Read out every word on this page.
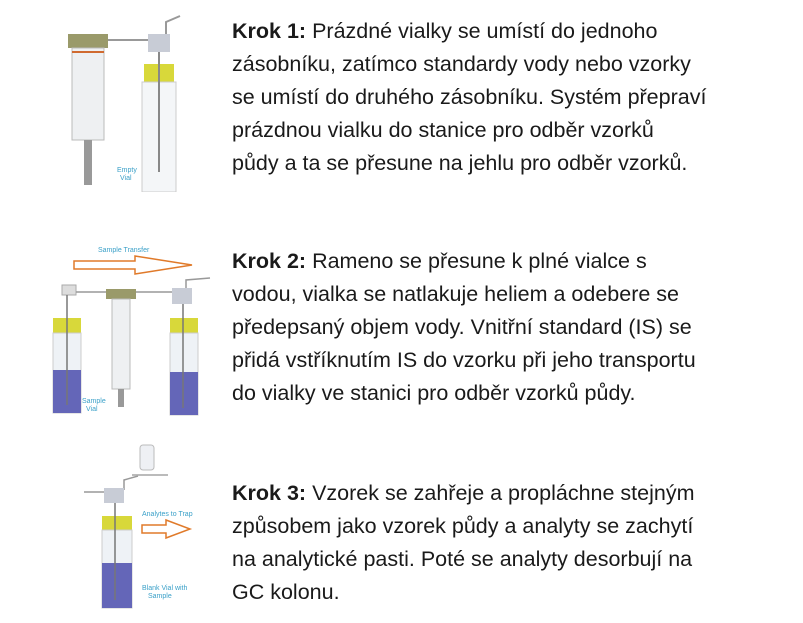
Empty
Vial
Sample Transfer
Sample
Vial
Analytes to Trap
Blank Vial with
Sample
Krok 1: Prázdné vialky se umístí do jednoho
zásobníku, zatímco standardy vody nebo vzorky
se umístí do druhého zásobníku. Systém přepraví
prázdnou vialku do stanice pro odběr vzorků
půdy a ta se přesune na jehlu pro odběr vzorků.
Krok 2: Rameno se přesune k plné vialce s
vodou, vialka se natlakuje heliem a odebere se
předepsaný objem vody. Vnitřní standard (IS) se
přidá vstříknutím IS do vzorku při jeho transportu
do vialky ve stanici pro odběr vzorků půdy.
Krok 3: Vzorek se zahřeje a propláchne stejným
způsobem jako vzorek půdy a analyty se zachytí
na analytické pasti. Poté se analyty desorbují na
GC kolonu.
